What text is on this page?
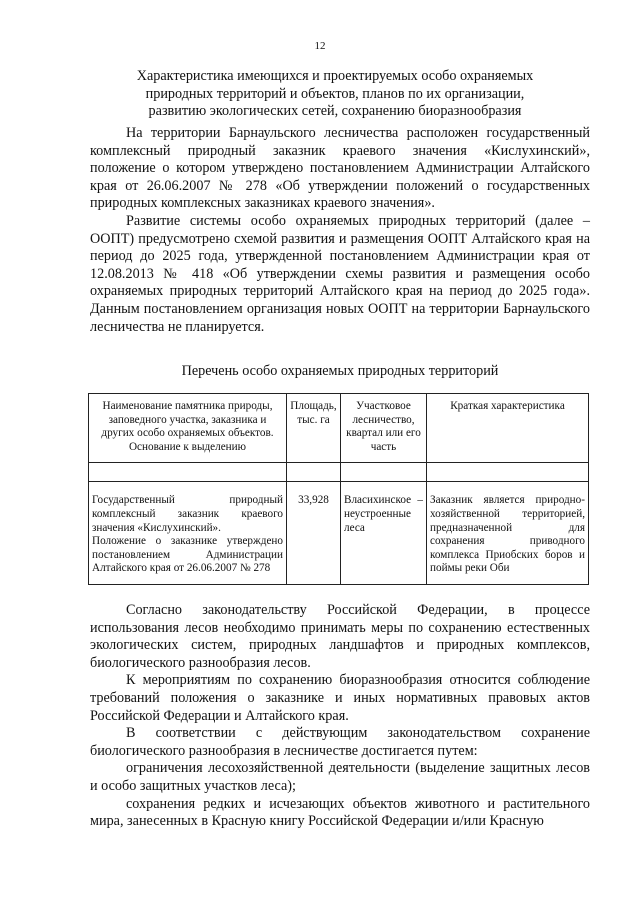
12
Характеристика имеющихся и проектируемых особо охраняемых
природных территорий и объектов, планов по их организации,
развитию экологических сетей, сохранению биоразнообразия

На территории Барнаульского лесничества расположен государственный комплексный природный заказник краевого значения «Кислухинский», положение о котором утверждено постановлением Администрации Алтайского края от 26.06.2007 № 278 «Об утверждении положений о государственных природных комплексных заказниках краевого значения».

Развитие системы особо охраняемых природных территорий (далее – ООПТ) предусмотрено схемой развития и размещения ООПТ Алтайского края на период до 2025 года, утвержденной постановлением Администрации края от 12.08.2013 № 418 «Об утверждении схемы развития и размещения особо охраняемых природных территорий Алтайского края на период до 2025 года». Данным постановлением организация новых ООПТ на территории Барнаульского лесничества не планируется.

Перечень особо охраняемых природных территорий
Наименование памятника природы, заповедного участка, заказника и других особо охраняемых объектов. Основание к выделению	Площадь, тыс. га	Участковое лесничество, квартал или его часть	Краткая характеристика

Государственный природный комплексный заказник краевого значения «Кислухинский».
Положение о заказнике утверждено постановлением Администрации Алтайского края от 26.06.2007 № 278	33,928	Власихинское – неустроенные леса	Заказник является природно-хозяйственной территорией, предназначенной для сохранения приводного комплекса Приобских боров и поймы реки Оби

Согласно законодательству Российской Федерации, в процессе использования лесов необходимо принимать меры по сохранению естественных экологических систем, природных ландшафтов и природных комплексов, биологического разнообразия лесов.

К мероприятиям по сохранению биоразнообразия относится соблюдение требований положения о заказнике и иных нормативных правовых актов Российской Федерации и Алтайского края.

В соответствии с действующим законодательством сохранение биологического разнообразия в лесничестве достигается путем:

ограничения лесохозяйственной деятельности (выделение защитных лесов и особо защитных участков леса);

сохранения редких и исчезающих объектов животного и растительного мира, занесенных в Красную книгу Российской Федерации и/или Красную
